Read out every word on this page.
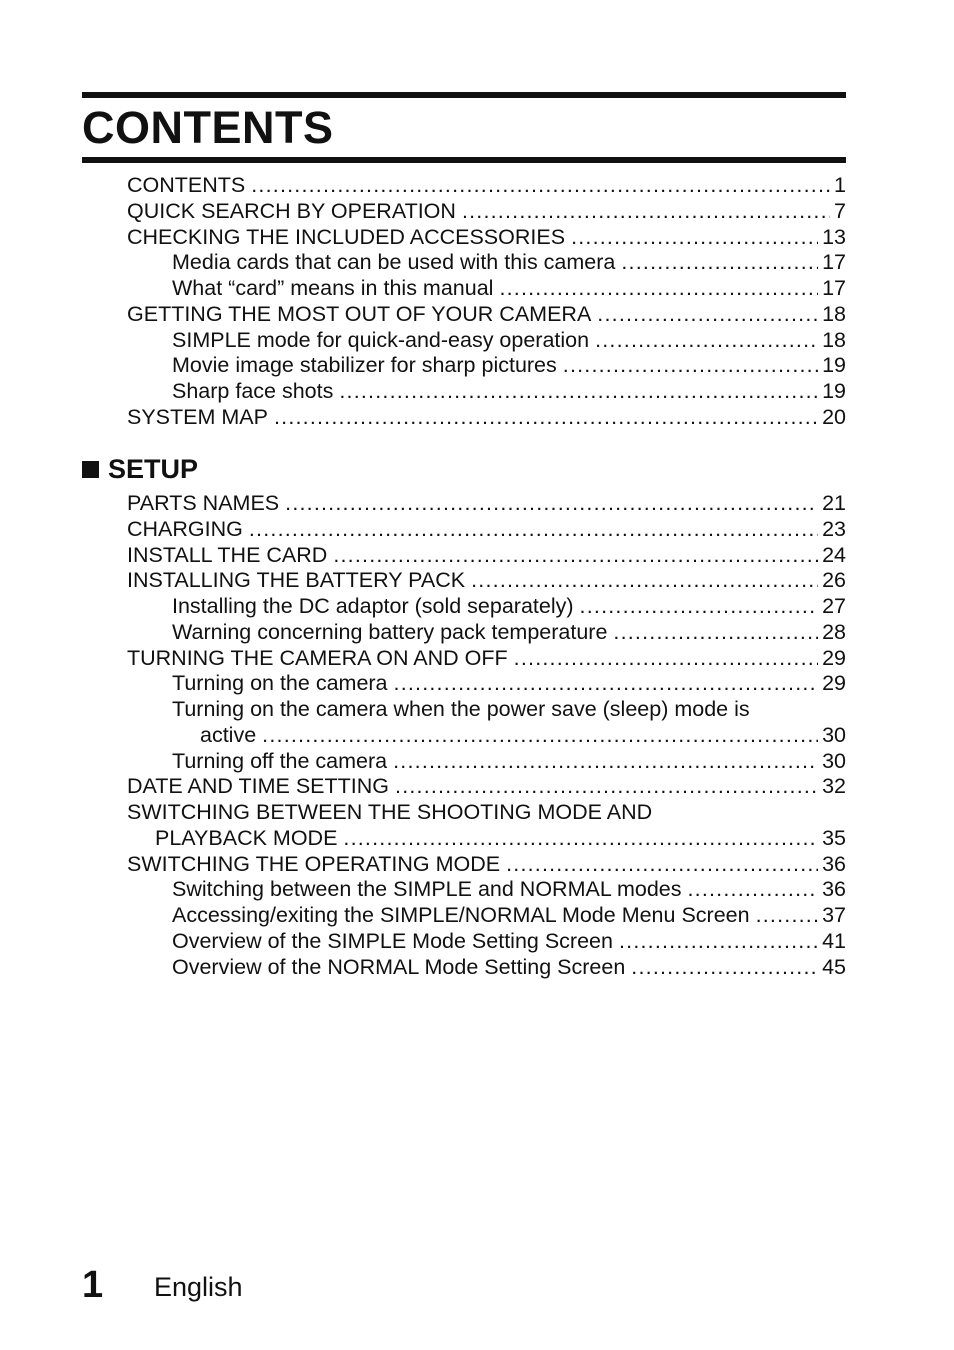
CONTENTS
CONTENTS .....	1
QUICK SEARCH BY OPERATION .....	7
CHECKING THE INCLUDED ACCESSORIES .....	13
Media cards that can be used with this camera .....	17
What “card” means in this manual .....	17
GETTING THE MOST OUT OF YOUR CAMERA .....	18
SIMPLE mode for quick-and-easy operation .....	18
Movie image stabilizer for sharp pictures .....	19
Sharp face shots .....	19
SYSTEM MAP .....	20
SETUP
PARTS NAMES .....	21
CHARGING .....	23
INSTALL THE CARD .....	24
INSTALLING THE BATTERY PACK .....	26
Installing the DC adaptor (sold separately) .....	27
Warning concerning battery pack temperature .....	28
TURNING THE CAMERA ON AND OFF .....	29
Turning on the camera .....	29
Turning on the camera when the power save (sleep) mode is
active .....	30
Turning off the camera .....	30
DATE AND TIME SETTING .....	32
SWITCHING BETWEEN THE SHOOTING MODE AND
PLAYBACK MODE .....	35
SWITCHING THE OPERATING MODE .....	36
Switching between the SIMPLE and NORMAL modes .....	36
Accessing/exiting the SIMPLE/NORMAL Mode Menu Screen .....	37
Overview of the SIMPLE Mode Setting Screen .....	41
Overview of the NORMAL Mode Setting Screen .....	45
1 English
